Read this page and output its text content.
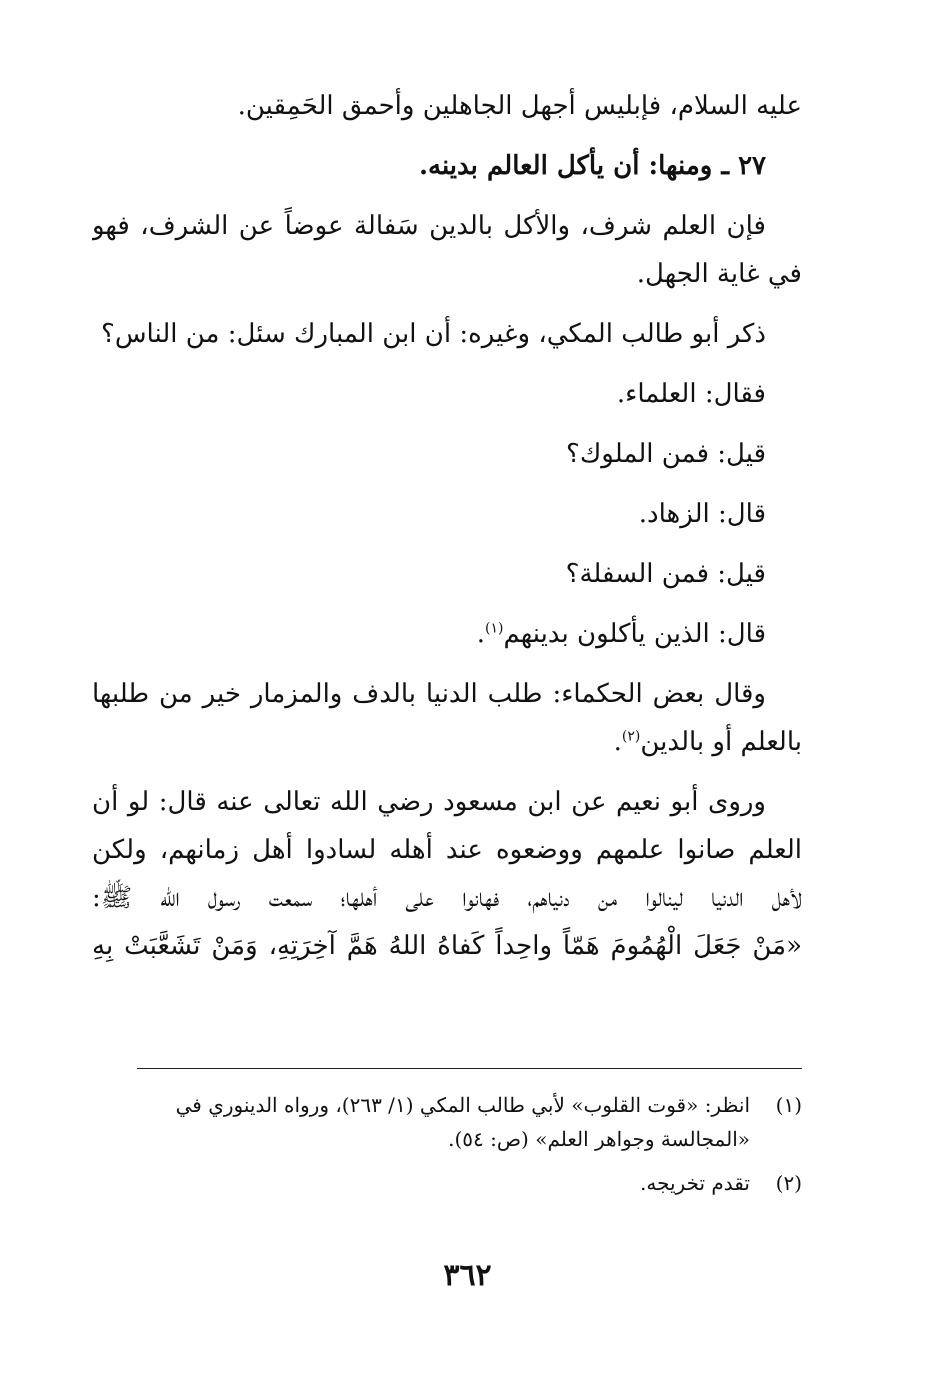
عليه السلام، فإبليس أجهل الجاهلين وأحمق الحَمِقين.
٢٧ ـ ومنها: أن يأكل العالم بدينه.
فإن العلم شرف، والأكل بالدين سَفالة عوضاً عن الشرف، فهو
في غاية الجهل.
ذكر أبو طالب المكي، وغيره: أن ابن المبارك سئل: من الناس؟
فقال: العلماء.
قيل: فمن الملوك؟
قال: الزهاد.
قيل: فمن السفلة؟
قال: الذين يأكلون بدينهم$^{(١)}$.
وقال بعض الحكماء: طلب الدنيا بالدف والمزمار خير من طلبها
بالعلم أو بالدين$^{(٢)}$.
وروى أبو نعيم عن ابن مسعود رضي الله تعالى عنه قال: لو أن
العلم صانوا علمهم ووضعوه عند أهله لسادوا أهل زمانهم، ولكن
لأهل الدنيا لينالوا من دنياهم، فهانوا على أهلها؛ سمعت رسول الله ﷺ:
«مَنْ جَعَلَ الْهُمُومَ هَمّاً واحِداً كَفاهُ اللهُ هَمَّ آخِرَتِهِ، وَمَنْ تَشَعَّبَتْ بِهِ
(١)
انظر: «قوت القلوب» لأبي طالب المكي (١/ ٢٦٣)، ورواه الدينوري في «المجالسة وجواهر العلم» (ص: ٥٤).
(٢)
تقدم تخريجه.
٣٦٢
